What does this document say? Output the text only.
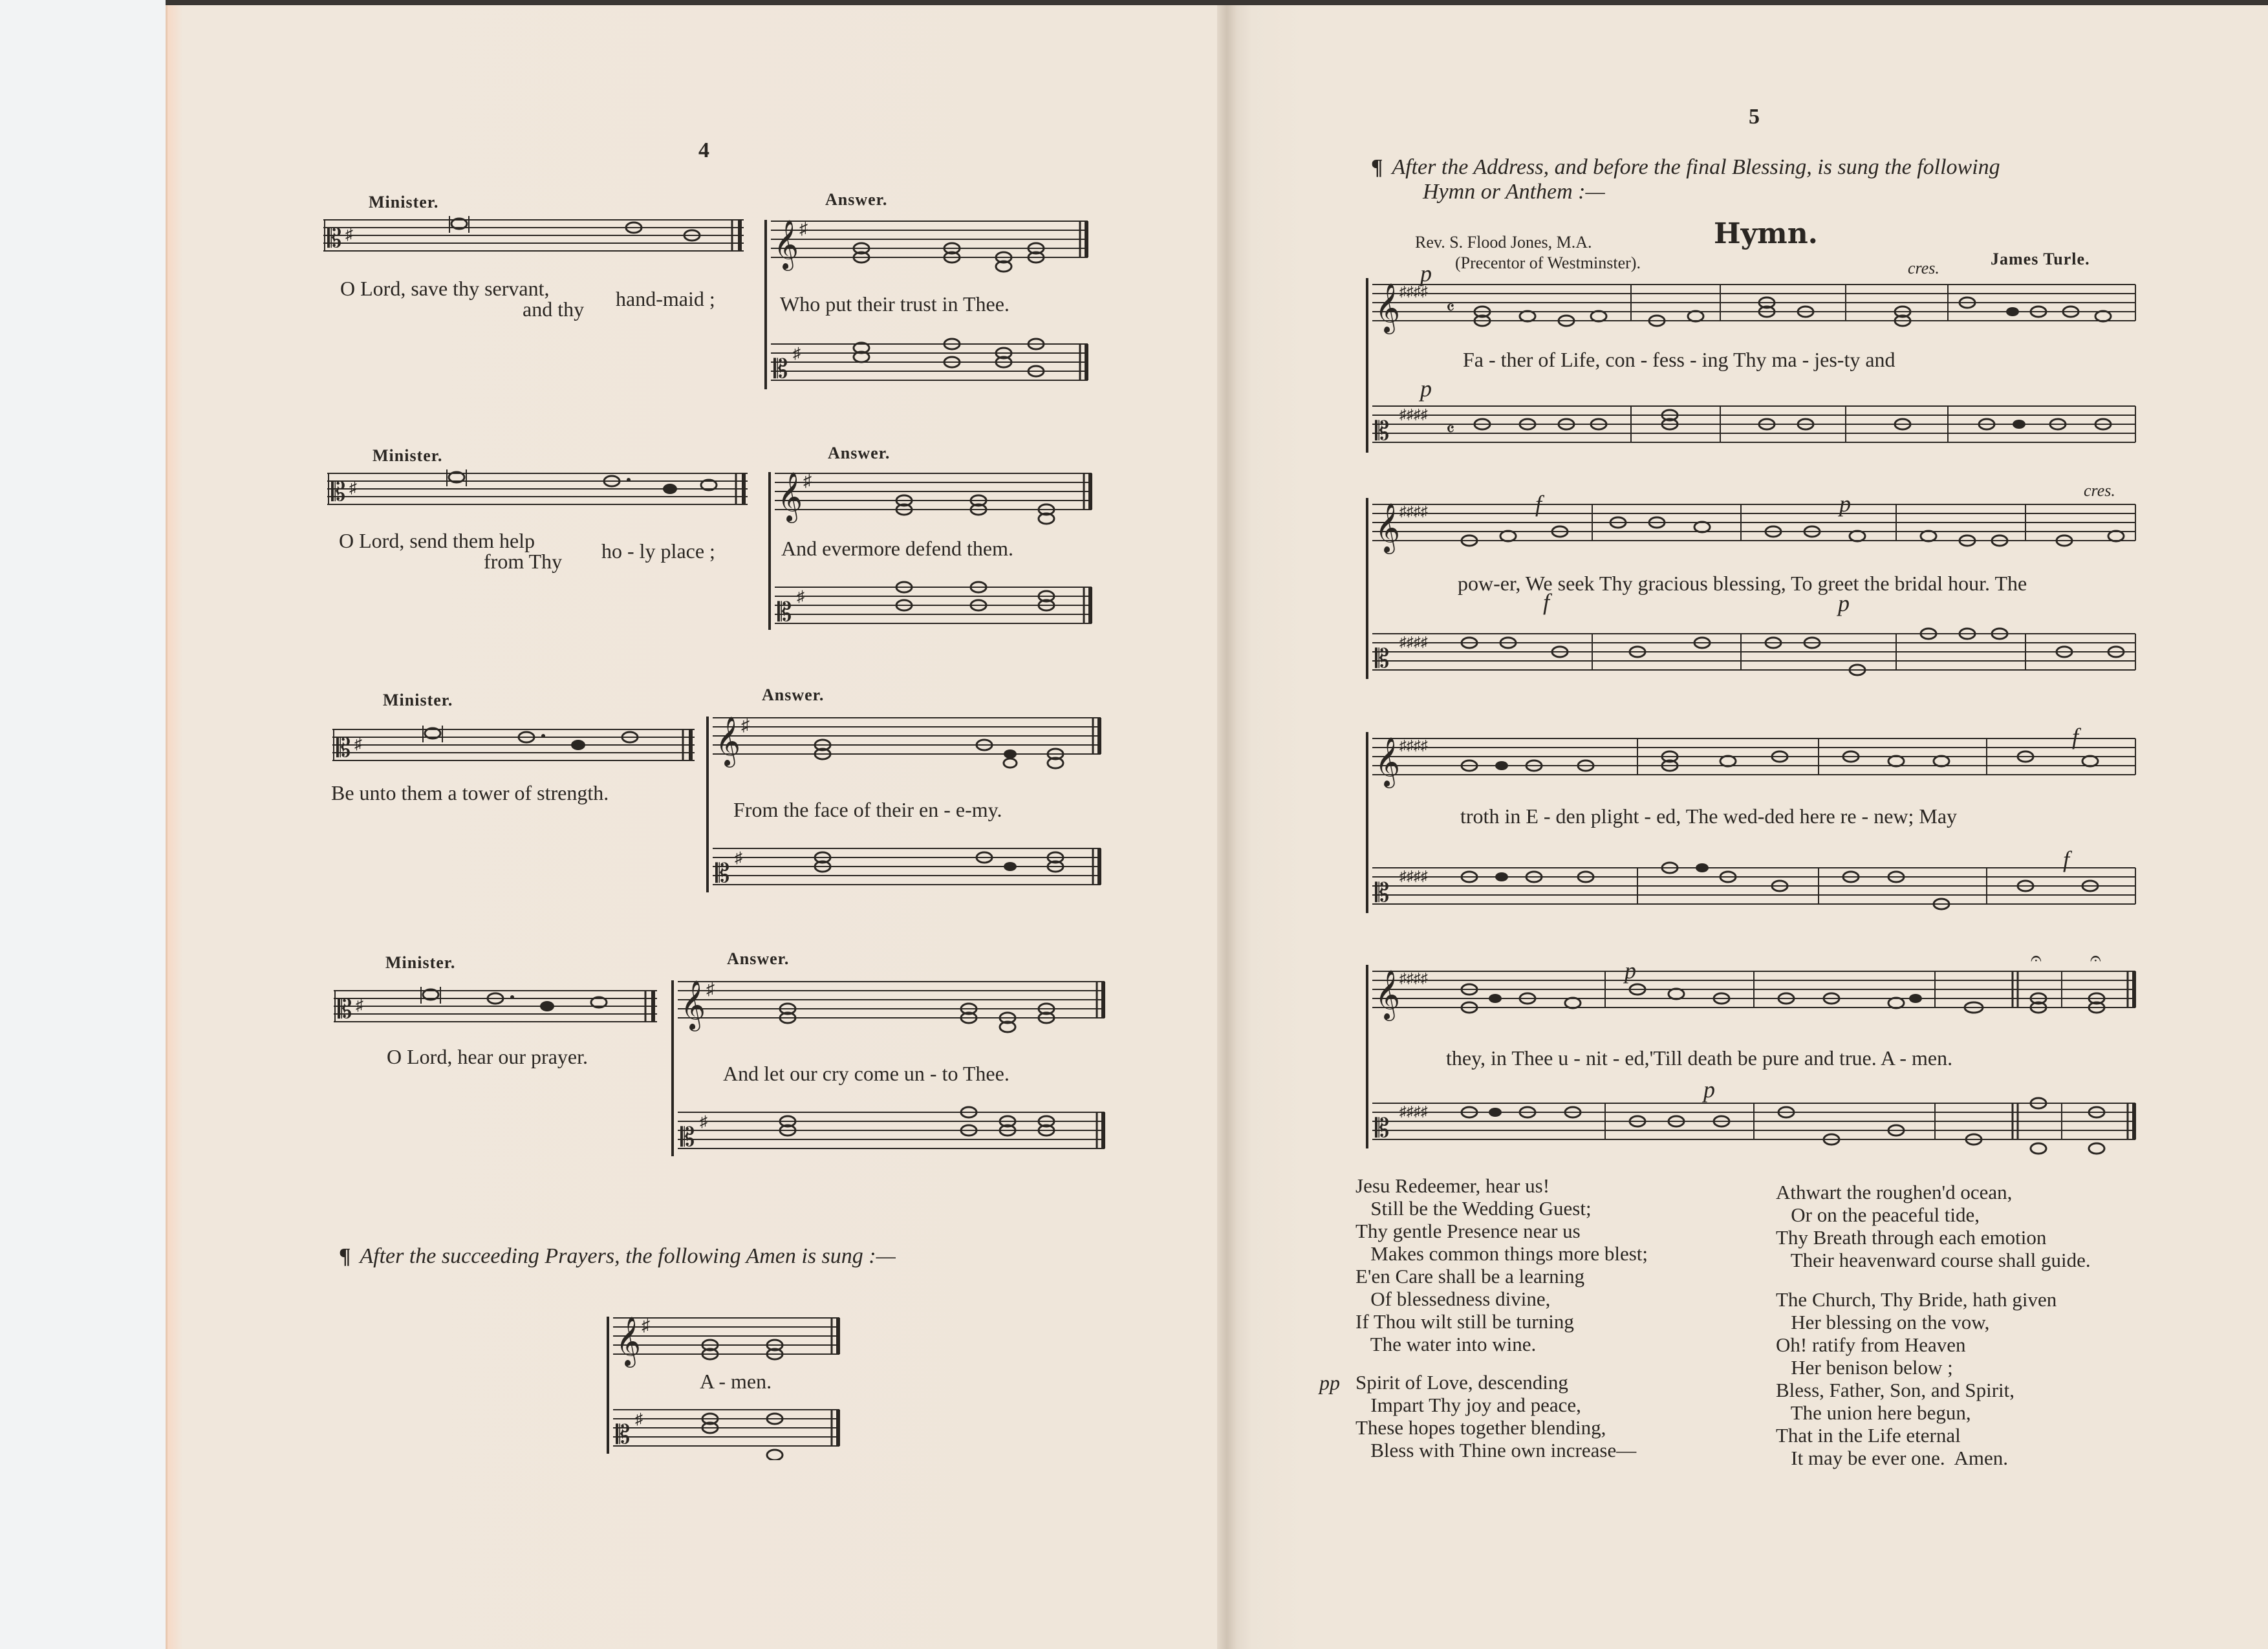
4
Minister.
𝄡 ♯
O Lord, save thy servant,
and thy hand-maid ;
Answer.
𝄞
𝄡
♯
♯
Who put their trust in Thee.
Minister.
𝄡 ♯
O Lord, send them help
from Thy ho - ly place ;
Answer.
𝄞
𝄡
♯
♯
And evermore defend them.
Minister.
𝄡 ♯
Be unto them a tower of strength.
Answer.
𝄞
𝄡
♯
♯
From the face of their en - e-my.
Minister.
𝄡 ♯
O Lord, hear our prayer.
Answer.
𝄞
𝄡
♯
♯
And let our cry come un - to Thee.
¶ After the succeeding Prayers, the following Amen is sung :—
𝄞
𝄡
♯
♯
A - men.
5
¶ After the Address, and before the final Blessing, is sung the following
Hymn or Anthem :—
Rev. S. Flood Jones, M.A.
(Precentor of Westminster).
Hymn.
James Turle.
𝄞
𝄡
♯♯♯♯
♯♯♯♯
𝄴
𝄴
p	cres.
Fa - ther of Life, con - fess - ing Thy ma - jes-ty and
p
𝄞
𝄡
♯♯♯♯
♯♯♯♯
f	p
cres.
pow-er, We seek Thy gracious blessing, To greet the bridal hour. The
f	p
𝄞
𝄡
♯♯♯♯
♯♯♯♯
f
troth in E - den plight - ed, The wed-ded here re - new; May
f
𝄞
𝄡
♯♯♯♯
♯♯♯♯
𝄐	𝄐
p
they, in Thee u - nit - ed,'Till death be pure and true. A - men.
p
Jesu Redeemer, hear us!
Still be the Wedding Guest;
Thy gentle Presence near us
Makes common things more blest;
E'en Care shall be a learning
Of blessedness divine,
If Thou wilt still be turning
The water into wine.
pp Spirit of Love, descending
Impart Thy joy and peace,
These hopes together blending,
Bless with Thine own increase—
Athwart the roughen'd ocean,
Or on the peaceful tide,
Thy Breath through each emotion
Their heavenward course shall guide.
The Church, Thy Bride, hath given
Her blessing on the vow,
Oh! ratify from Heaven
Her benison below ;
Bless, Father, Son, and Spirit,
The union here begun,
That in the Life eternal
It may be ever one.  Amen.
